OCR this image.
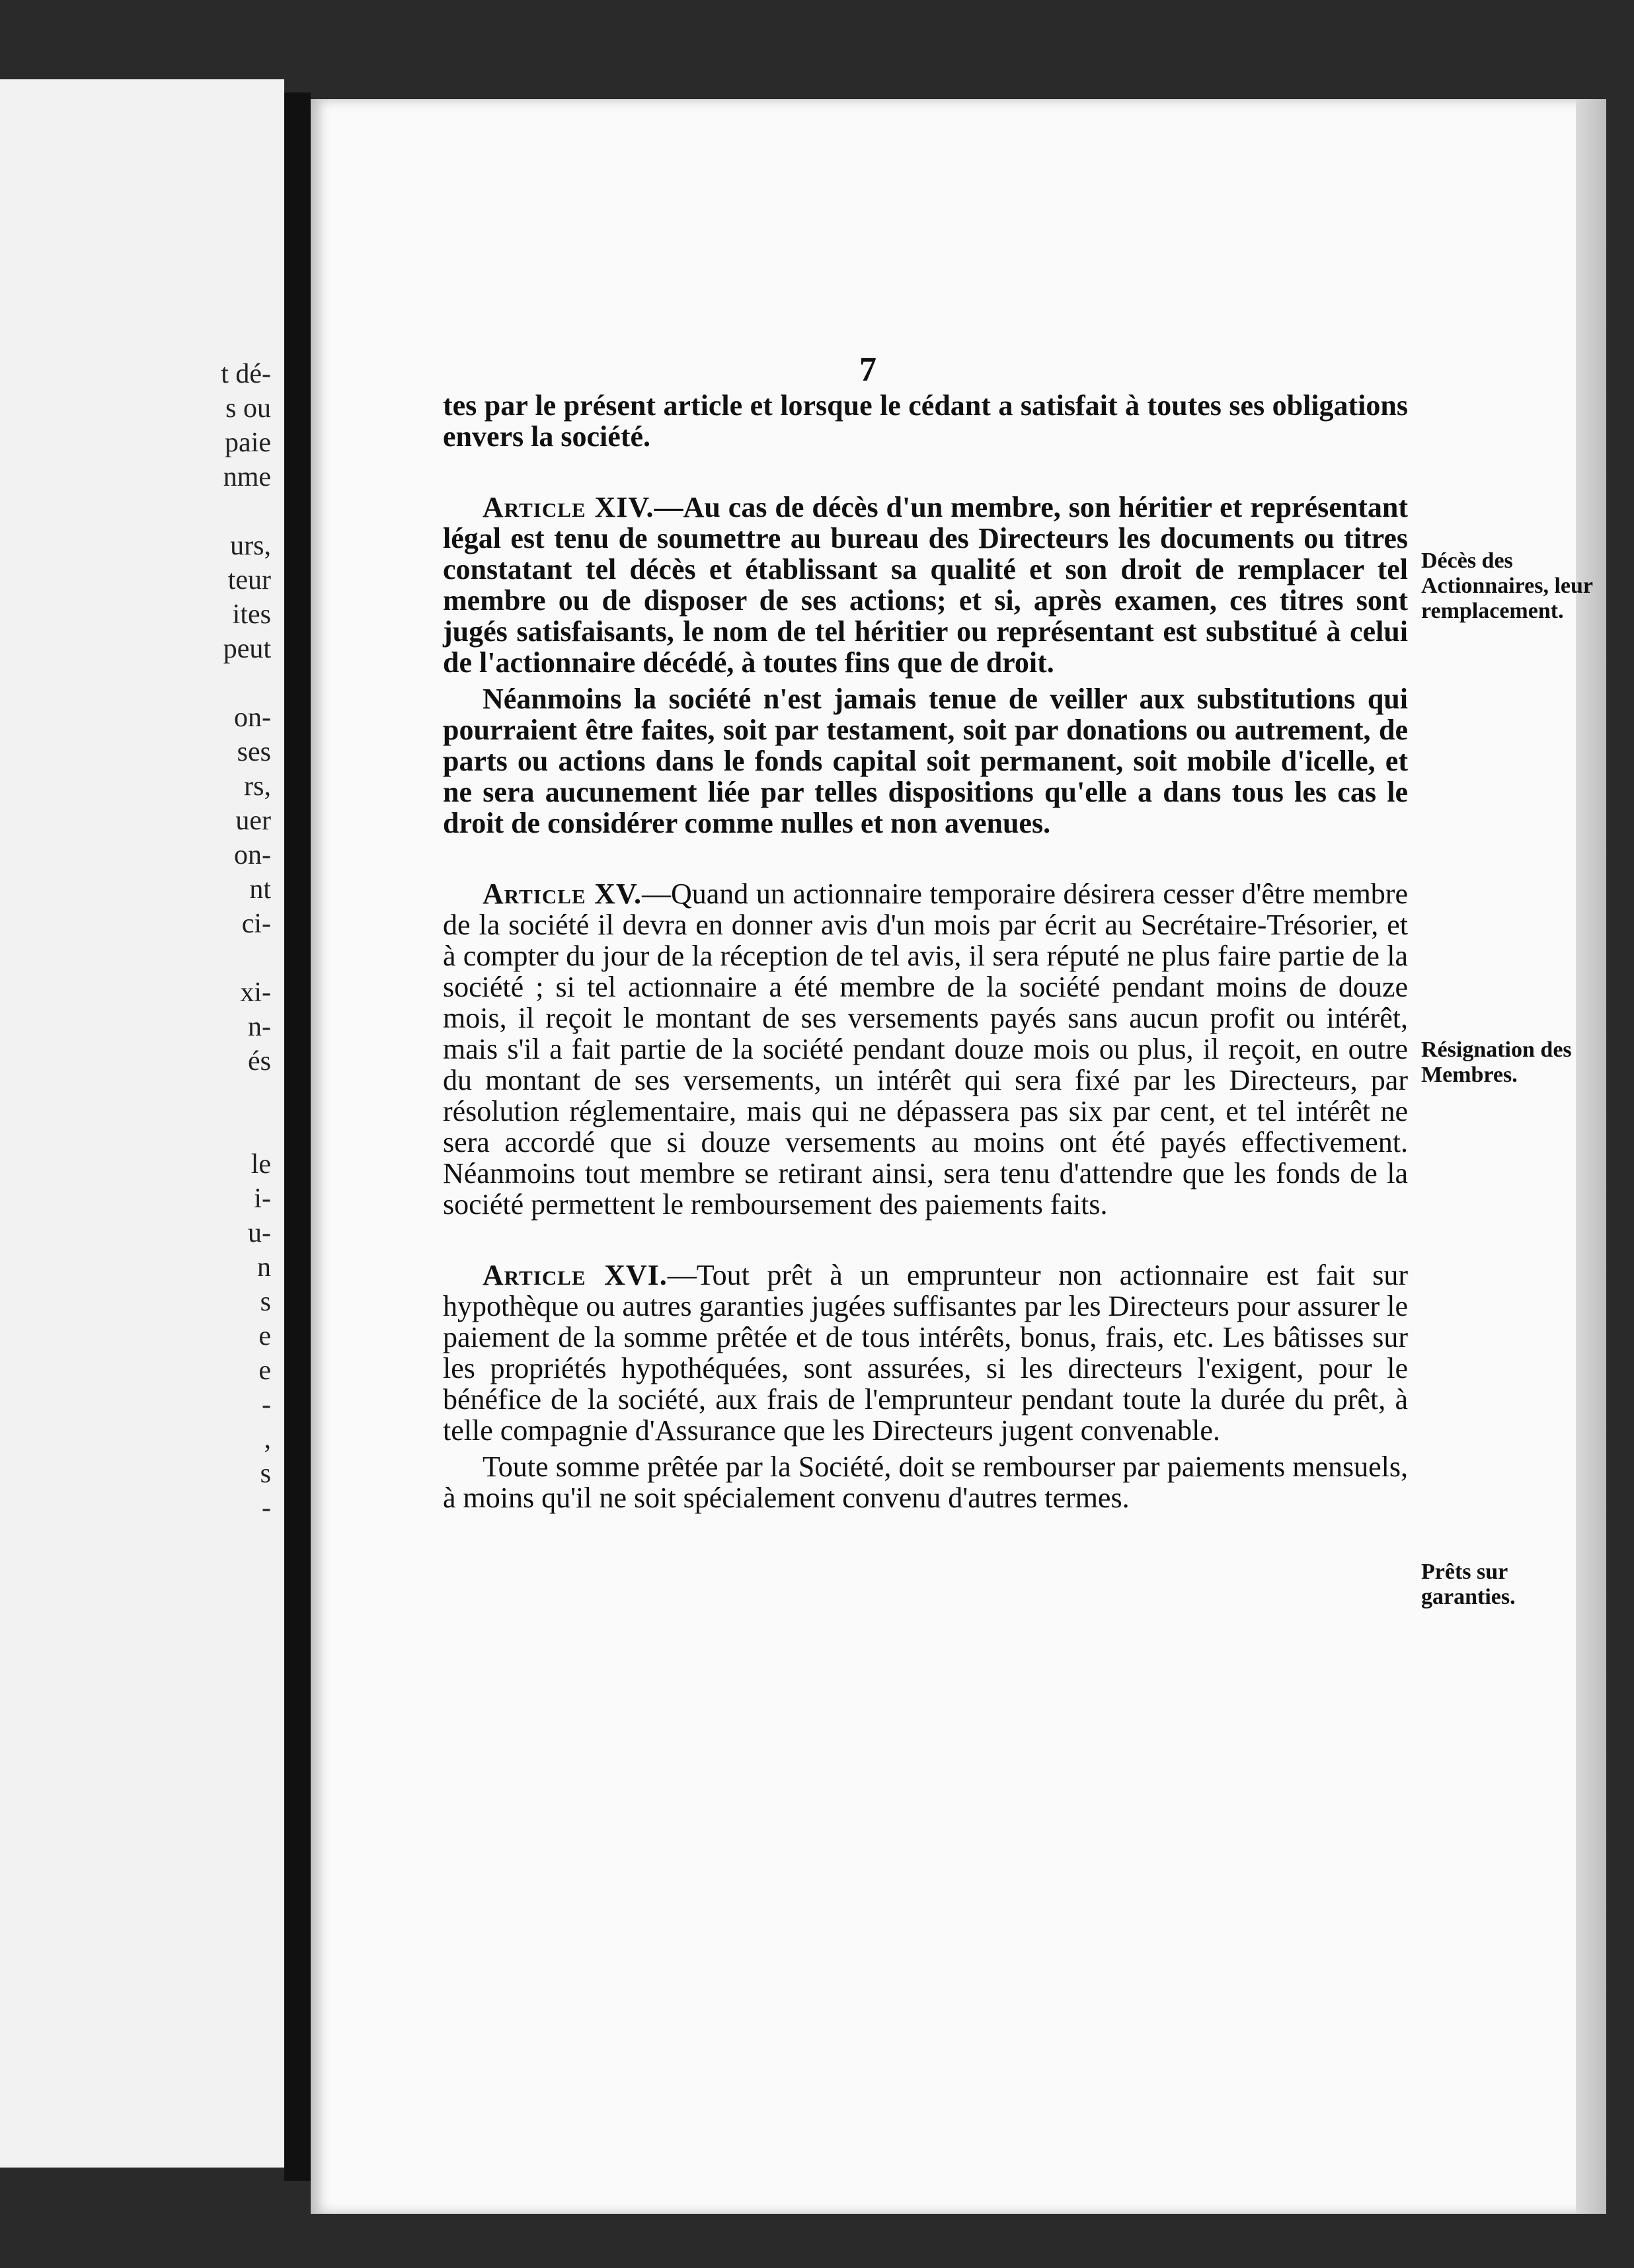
t dé-
s ou
paie
nme
urs,
teur
ites
peut
on-
ses
rs,
uer
on-
nt
ci-
xi-
n-
és
le
i-
u-
n
s
e
e
-
,
s
-
7

tes par le présent article et lorsque le cédant a satisfait à toutes ses obligations envers la société.

Article XIV.—Au cas de décès d'un membre, son héritier et représentant légal est tenu de soumettre au bureau des Directeurs les documents ou titres constatant tel décès et établissant sa qualité et son droit de remplacer tel membre ou de disposer de ses actions; et si, après examen, ces titres sont jugés satisfaisants, le nom de tel héritier ou représentant est substitué à celui de l'actionnaire décédé, à toutes fins que de droit.

Néanmoins la société n'est jamais tenue de veiller aux substitutions qui pourraient être faites, soit par testament, soit par donations ou autrement, de parts ou actions dans le fonds capital soit permanent, soit mobile d'icelle, et ne sera aucunement liée par telles dispositions qu'elle a dans tous les cas le droit de considérer comme nulles et non avenues.

Article XV.—Quand un actionnaire temporaire désirera cesser d'être membre de la société il devra en donner avis d'un mois par écrit au Secrétaire-Trésorier, et à compter du jour de la réception de tel avis, il sera réputé ne plus faire partie de la société ; si tel actionnaire a été membre de la société pendant moins de douze mois, il reçoit le montant de ses versements payés sans aucun profit ou intérêt, mais s'il a fait partie de la société pendant douze mois ou plus, il reçoit, en outre du montant de ses versements, un intérêt qui sera fixé par les Directeurs, par résolution réglementaire, mais qui ne dépassera pas six par cent, et tel intérêt ne sera accordé que si douze versements au moins ont été payés effectivement. Néanmoins tout membre se retirant ainsi, sera tenu d'attendre que les fonds de la société permettent le remboursement des paiements faits.

Article XVI.—Tout prêt à un emprunteur non actionnaire est fait sur hypothèque ou autres garanties jugées suffisantes par les Directeurs pour assurer le paiement de la somme prêtée et de tous intérêts, bonus, frais, etc. Les bâtisses sur les propriétés hypothéquées, sont assurées, si les directeurs l'exigent, pour le bénéfice de la société, aux frais de l'emprunteur pendant toute la durée du prêt, à telle compagnie d'Assurance que les Directeurs jugent convenable.

Toute somme prêtée par la Société, doit se rembourser par paiements mensuels, à moins qu'il ne soit spécialement convenu d'autres termes.

Décès des Actionnaires, leur remplacement.
Résignation des Membres.
Prêts sur garanties.
